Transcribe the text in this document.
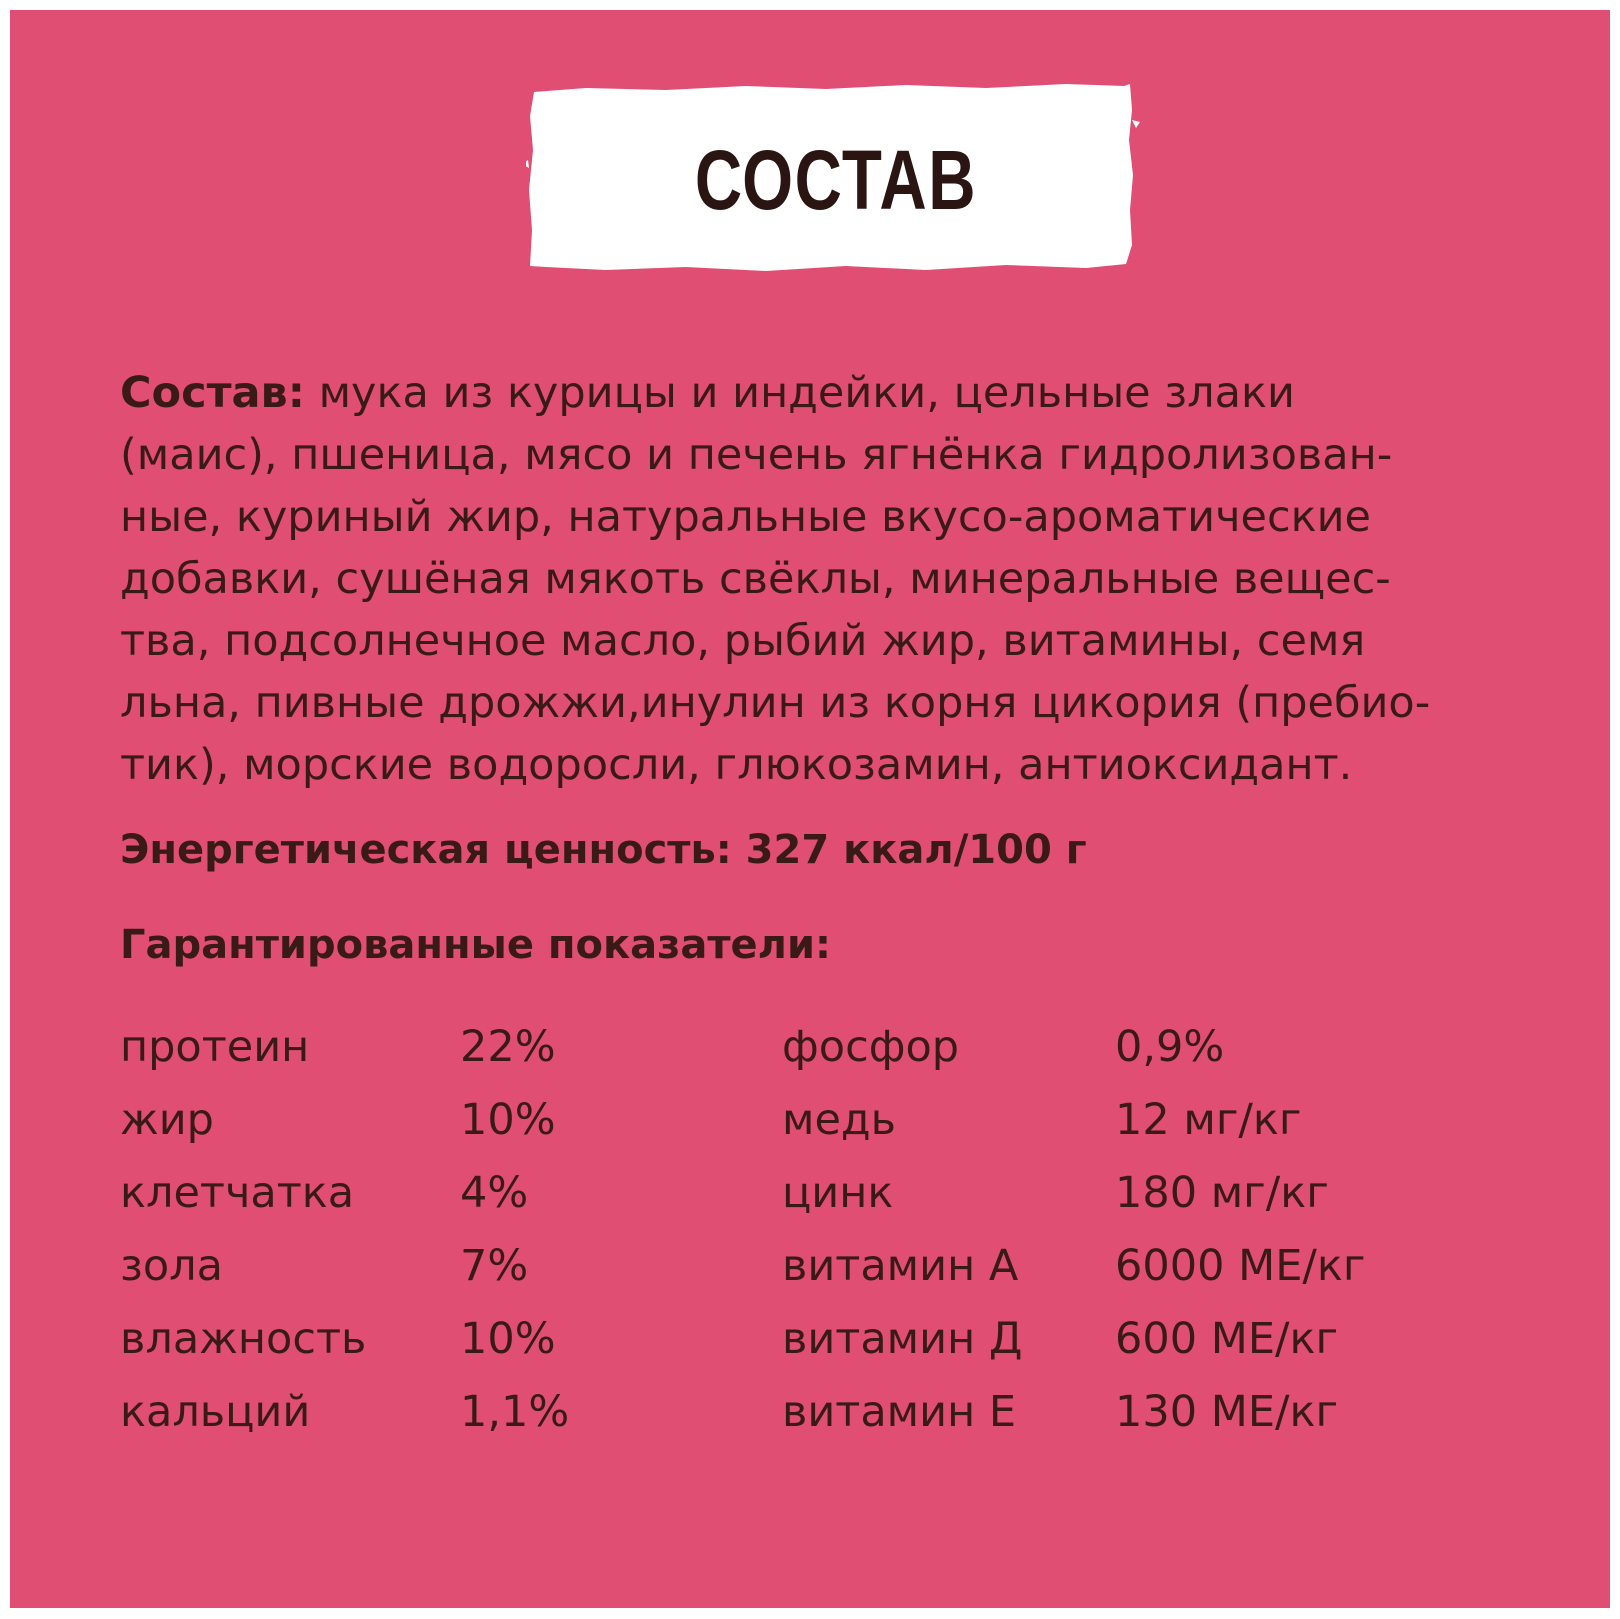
СОСТАВ
Состав: мука из курицы и индейки, цельные злаки
(маис), пшеница, мясо и печень ягнёнка гидролизован-
ные, куриный жир, натуральные вкусо-ароматические
добавки, сушёная мякоть свёклы, минеральные вещес-
тва, подсолнечное масло, рыбий жир, витамины, семя
льна, пивные дрожжи,инулин из корня цикория (пребио-
тик), морские водоросли, глюкозамин, антиоксидант.
Энергетическая ценность: 327 ккал/100 г
Гарантированные показатели:
протеин	22%	фосфор	0,9%
жир	10%	медь	12 мг/кг
клетчатка 4%	цинк	180 мг/кг
зола	7%	витамин А 6000 МЕ/кг
влажность 10%	витамин Д 600 МЕ/кг
кальций	1,1%	витамин Е 130 МЕ/кг
